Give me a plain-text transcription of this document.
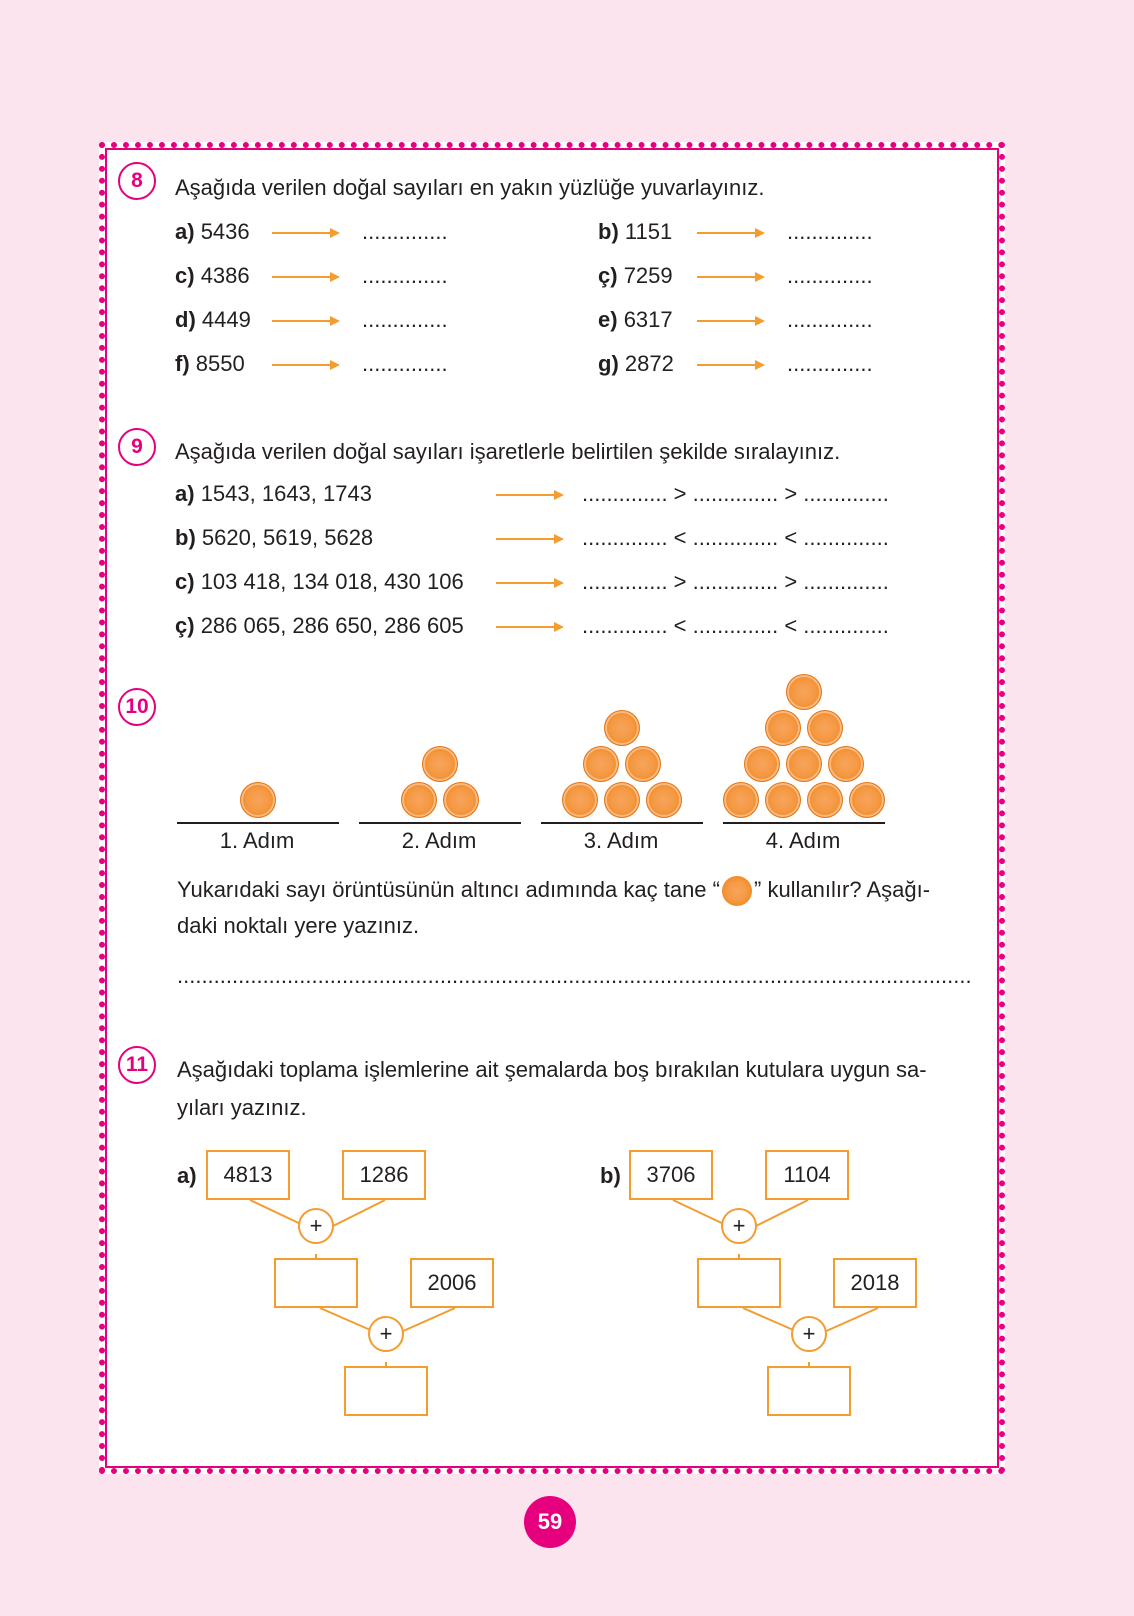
8	Aşağıda verilen doğal sayıları en yakın yüzlüğe yuvarlayınız.
a) 5436	..............	b) 1151	..............
c) 4386	..............	ç) 7259	..............
d) 4449	..............	e) 6317	..............
f) 8550	..............	g) 2872	..............
9	Aşağıda verilen doğal sayıları işaretlerle belirtilen şekilde sıralayınız.
a) 1543, 1643, 1743	.............. > .............. > ..............
b) 5620, 5619, 5628	.............. < .............. < ..............
c) 103 418, 134 018, 430 106	.............. > .............. > ..............
ç) 286 065, 286 650, 286 605	.............. < .............. < ..............
10
1. Adım	2. Adım	3. Adım	4. Adım
Yukarıdaki sayı örüntüsünün altıncı adımında kaç tane “ ” kullanılır? Aşağı-
daki noktalı yere yazınız.
..................................................................................................................................
11	Aşağıdaki toplama işlemlerine ait şemalarda boş bırakılan kutulara uygun sa-
yıları yazınız.
a)	4813	1286
+
2006
+
b)	3706	1104
+
2018
+
59
